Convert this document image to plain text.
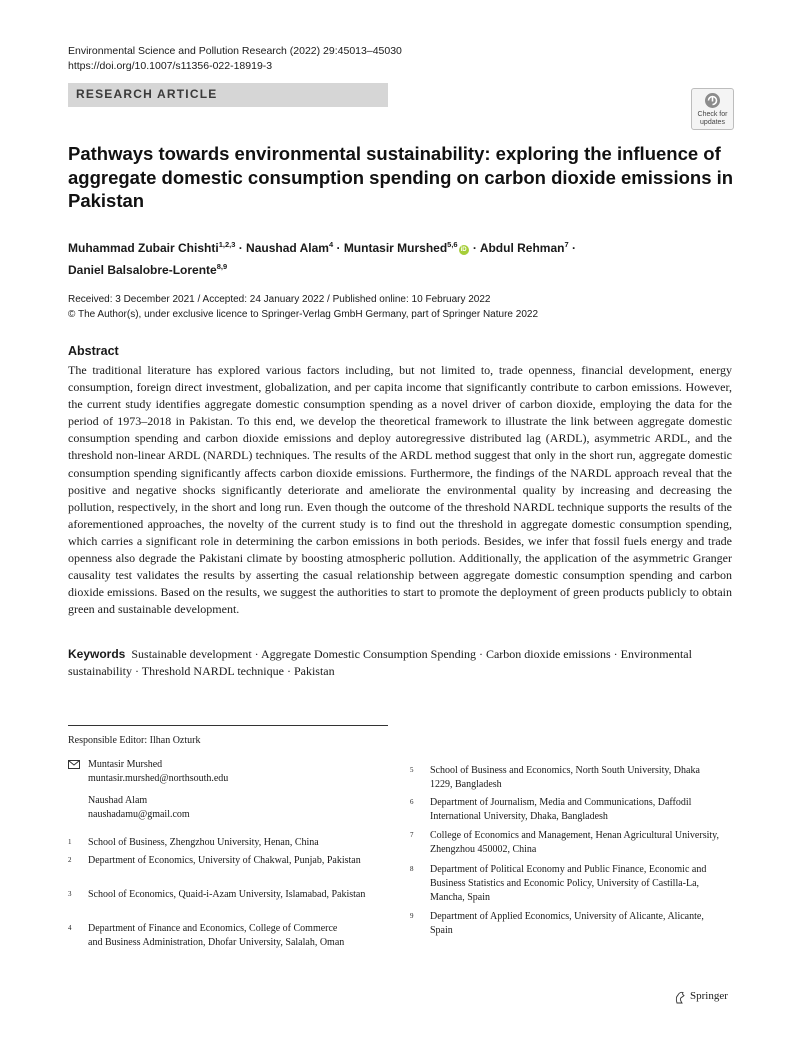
Environmental Science and Pollution Research (2022) 29:45013–45030
https://doi.org/10.1007/s11356-022-18919-3
RESEARCH ARTICLE
Check for
updates
Pathways towards environmental sustainability: exploring the influence of aggregate domestic consumption spending on carbon dioxide emissions in Pakistan
Muhammad Zubair Chishti$^{1,2,3}$ · Naushad Alam$^4$ · Muntasir Murshed$^{5,6}$iD · Abdul Rehman$^7$ ·
Daniel Balsalobre-Lorente$^{8,9}$
Received: 3 December 2021 / Accepted: 24 January 2022 / Published online: 10 February 2022
© The Author(s), under exclusive licence to Springer-Verlag GmbH Germany, part of Springer Nature 2022
Abstract
The traditional literature has explored various factors including, but not limited to, trade openness, financial development, energy consumption, foreign direct investment, globalization, and per capita income that significantly contribute to carbon emissions. However, the current study identifies aggregate domestic consumption spending as a novel driver of carbon dioxide, employing the data for the period of 1973–2018 in Pakistan. To this end, we develop the theoretical framework to illustrate the link between aggregate domestic consumption spending and carbon dioxide emissions and deploy autoregressive distributed lag (ARDL), asymmetric ARDL, and the threshold non-linear ARDL (NARDL) techniques. The results of the ARDL method suggest that only in the short run, aggregate domestic consumption spending significantly affects carbon dioxide emissions. Furthermore, the findings of the NARDL approach reveal that the positive and negative shocks significantly deteriorate and ameliorate the environmental quality by increasing and decreasing the pollution, respectively, in the short and long run. Even though the outcome of the threshold NARDL technique supports the results of the aforementioned approaches, the novelty of the current study is to find out the threshold in aggregate domestic consumption spending, which carries a significant role in determining the carbon emissions in both periods. Besides, we infer that fossil fuels energy and trade openness also degrade the Pakistani climate by boosting atmospheric pollution. Additionally, the application of the asymmetric Granger causality test validates the results by asserting the casual relationship between aggregate domestic consumption spending and carbon dioxide emissions. Based on the results, we suggest the authorities to start to promote the deployment of green products publicly to obtain green and sustainable development.
Keywords Sustainable development · Aggregate Domestic Consumption Spending · Carbon dioxide emissions · Environmental sustainability · Threshold NARDL technique · Pakistan
Responsible Editor: Ilhan Ozturk
Muntasir Murshed
muntasir.murshed@northsouth.edu
Naushad Alam
naushadamu@gmail.com
1 School of Business, Zhengzhou University, Henan, China
2 Department of Economics, University of Chakwal, Punjab, Pakistan
3 School of Economics, Quaid-i-Azam University, Islamabad, Pakistan
4 Department of Finance and Economics, College of Commerce and Business Administration, Dhofar University, Salalah, Oman
5 School of Business and Economics, North South University, Dhaka 1229, Bangladesh
6 Department of Journalism, Media and Communications, Daffodil International University, Dhaka, Bangladesh
7 College of Economics and Management, Henan Agricultural University, Zhengzhou 450002, China
8 Department of Political Economy and Public Finance, Economic and Business Statistics and Economic Policy, University of Castilla-La, Mancha, Spain
9 Department of Applied Economics, University of Alicante, Alicante, Spain
Springer
